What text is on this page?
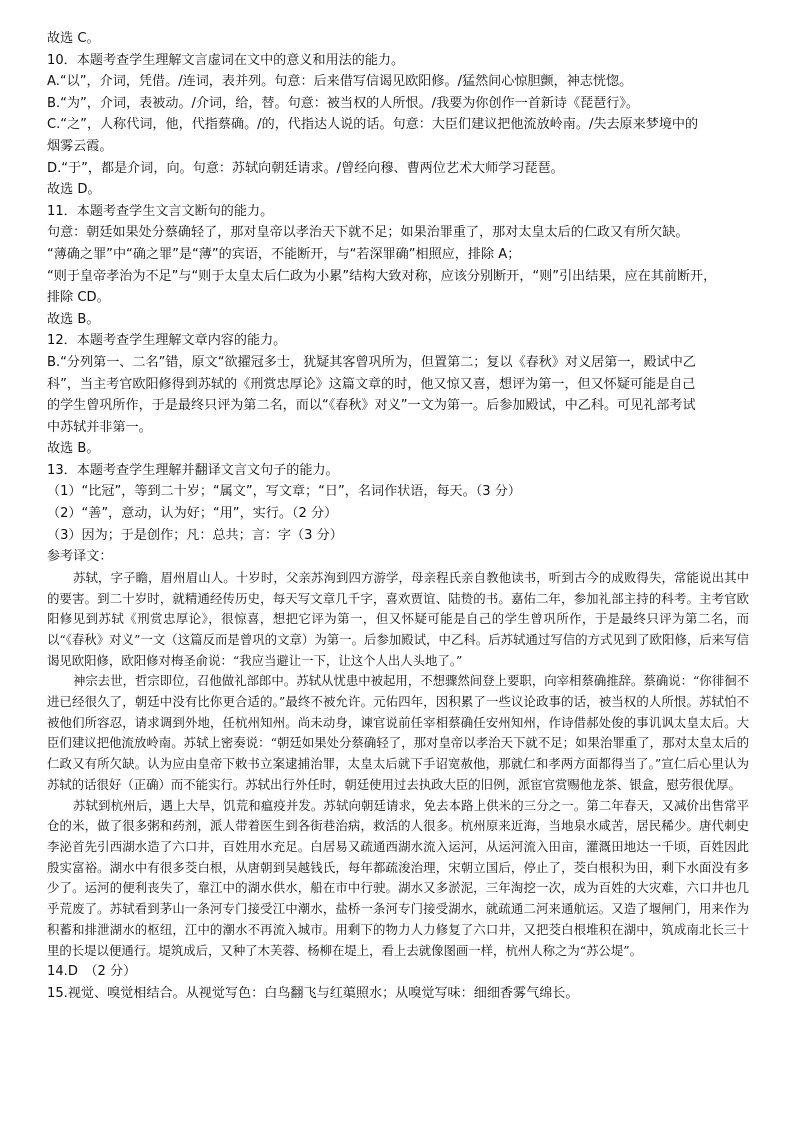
故选 C。

10．本题考查学生理解文言虚词在文中的意义和用法的能力。

A.“以”，介词，凭借。/连词，表并列。句意：后来借写信谒见欧阳修。/猛然间心惊胆颤，神志恍惚。

B.“为”，介词，表被动。/介词，给，替。句意：被当权的人所恨。/我要为你创作一首新诗《琵琶行》。

C.“之”，人称代词，他，代指蔡确。/的，代指达人说的话。句意：大臣们建议把他流放岭南。/失去原来梦境中的

烟雾云霞。

D.“于”，都是介词，向。句意：苏轼向朝廷请求。/曾经向穆、曹两位艺术大师学习琵琶。

故选 D。

11．本题考查学生文言文断句的能力。

句意：朝廷如果处分蔡确轻了，那对皇帝以孝治天下就不足；如果治罪重了，那对太皇太后的仁政又有所欠缺。

“薄确之罪”中“确之罪”是“薄”的宾语，不能断开，与“若深罪确”相照应，排除 A；

“则于皇帝孝治为不足”与“则于太皇太后仁政为小累”结构大致对称，应该分别断开，“则”引出结果，应在其前断开，

排除 CD。

故选 B。

12．本题考查学生理解文章内容的能力。

B.“分列第一、二名”错，原文“欲擢冠多士，犹疑其客曾巩所为，但置第二；复以《春秋》对义居第一，殿试中乙

科”，当主考官欧阳修得到苏轼的《刑赏忠厚论》这篇文章的时，他又惊又喜，想评为第一，但又怀疑可能是自己

的学生曾巩所作，于是最终只评为第二名，而以“《春秋》对义”一文为第一。后参加殿试，中乙科。可见礼部考试

中苏轼并非第一。

故选 B。

13．本题考查学生理解并翻译文言文句子的能力。

（1）“比冠”，等到二十岁；“属文”，写文章；“日”，名词作状语，每天。（3 分）

（2）“善”，意动，认为好；“用”，实行。（2 分）

（3）因为；于是创作；凡：总共；言：字（3 分）

参考译文：

苏轼，字子瞻，眉州眉山人。十岁时，父亲苏洵到四方游学，母亲程氏亲自教他读书，听到古今的成败得失，常能说出其中的要害。到二十岁时，就精通经传历史，每天写文章几千字，喜欢贾谊、陆贽的书。嘉佑二年，参加礼部主持的科考。主考官欧阳修见到苏轼《刑赏忠厚论》，很惊喜，想把它评为第一，但又怀疑可能是自己的学生曾巩所作，于是最终只评为第二名，而以“《春秋》对义”一文（这篇反而是曾巩的文章）为第一。后参加殿试，中乙科。后苏轼通过写信的方式见到了欧阳修，后来写信谒见欧阳修，欧阳修对梅圣俞说：“我应当避让一下，让这个人出人头地了。”

神宗去世，哲宗即位，召他做礼部郎中。苏轼从忧患中被起用，不想骤然间登上要职，向宰相蔡确推辞。蔡确说：“你徘徊不进已经很久了，朝廷中没有比你更合适的。”最终不被允许。元佑四年，因积累了一些议论政事的话，被当权的人所恨。苏轼怕不被他们所容忍，请求调到外地，任杭州知州。尚未动身，谏官说前任宰相蔡确任安州知州，作诗借郝处俊的事讥讽太皇太后。大臣们建议把他流放岭南。苏轼上密奏说：“朝廷如果处分蔡确轻了，那对皇帝以孝治天下就不足；如果治罪重了，那对太皇太后的仁政又有所欠缺。认为应由皇帝下敕书立案逮捕治罪，太皇太后就下手诏宽赦他，那就仁和孝两方面都得当了。”宣仁后心里认为苏轼的话很好（正确）而不能实行。苏轼出行外任时，朝廷使用过去执政大臣的旧例，派宦官赏赐他龙茶、银盒，慰劳很优厚。

苏轼到杭州后，遇上大旱，饥荒和瘟疫并发。苏轼向朝廷请求，免去本路上供米的三分之一。第二年春天，又减价出售常平仓的米，做了很多粥和药剂，派人带着医生到各街巷治病，救活的人很多。杭州原来近海，当地泉水咸苦，居民稀少。唐代刺史李泌首先引西湖水造了六口井，百姓用水充足。白居易又疏通西湖水流入运河，从运河流入田亩，灌溉田地达一千顷，百姓因此殷实富裕。湖水中有很多茭白根，从唐朝到吴越钱氏，每年都疏浚治理，宋朝立国后，停止了，茭白根积为田，剩下水面没有多少了。运河的便利丧失了，靠江中的湖水供水，船在市中行驶。湖水又多淤泥，三年淘挖一次，成为百姓的大灾难，六口井也几乎荒废了。苏轼看到茅山一条河专门接受江中潮水，盐桥一条河专门接受湖水，就疏通二河来通航运。又造了堰闸门，用来作为积蓄和排泄湖水的枢纽，江中的潮水不再流入城市。用剩下的物力人力修复了六口井，又把茭白根堆积在湖中，筑成南北长三十里的长堤以便通行。堤筑成后，又种了木芙蓉、杨柳在堤上，看上去就像图画一样，杭州人称之为“苏公堤”。

14.D　（2 分）

15.视觉、嗅觉相结合。从视觉写色：白鸟翻飞与红蕖照水；从嗅觉写味：细细香雾气绵长。
